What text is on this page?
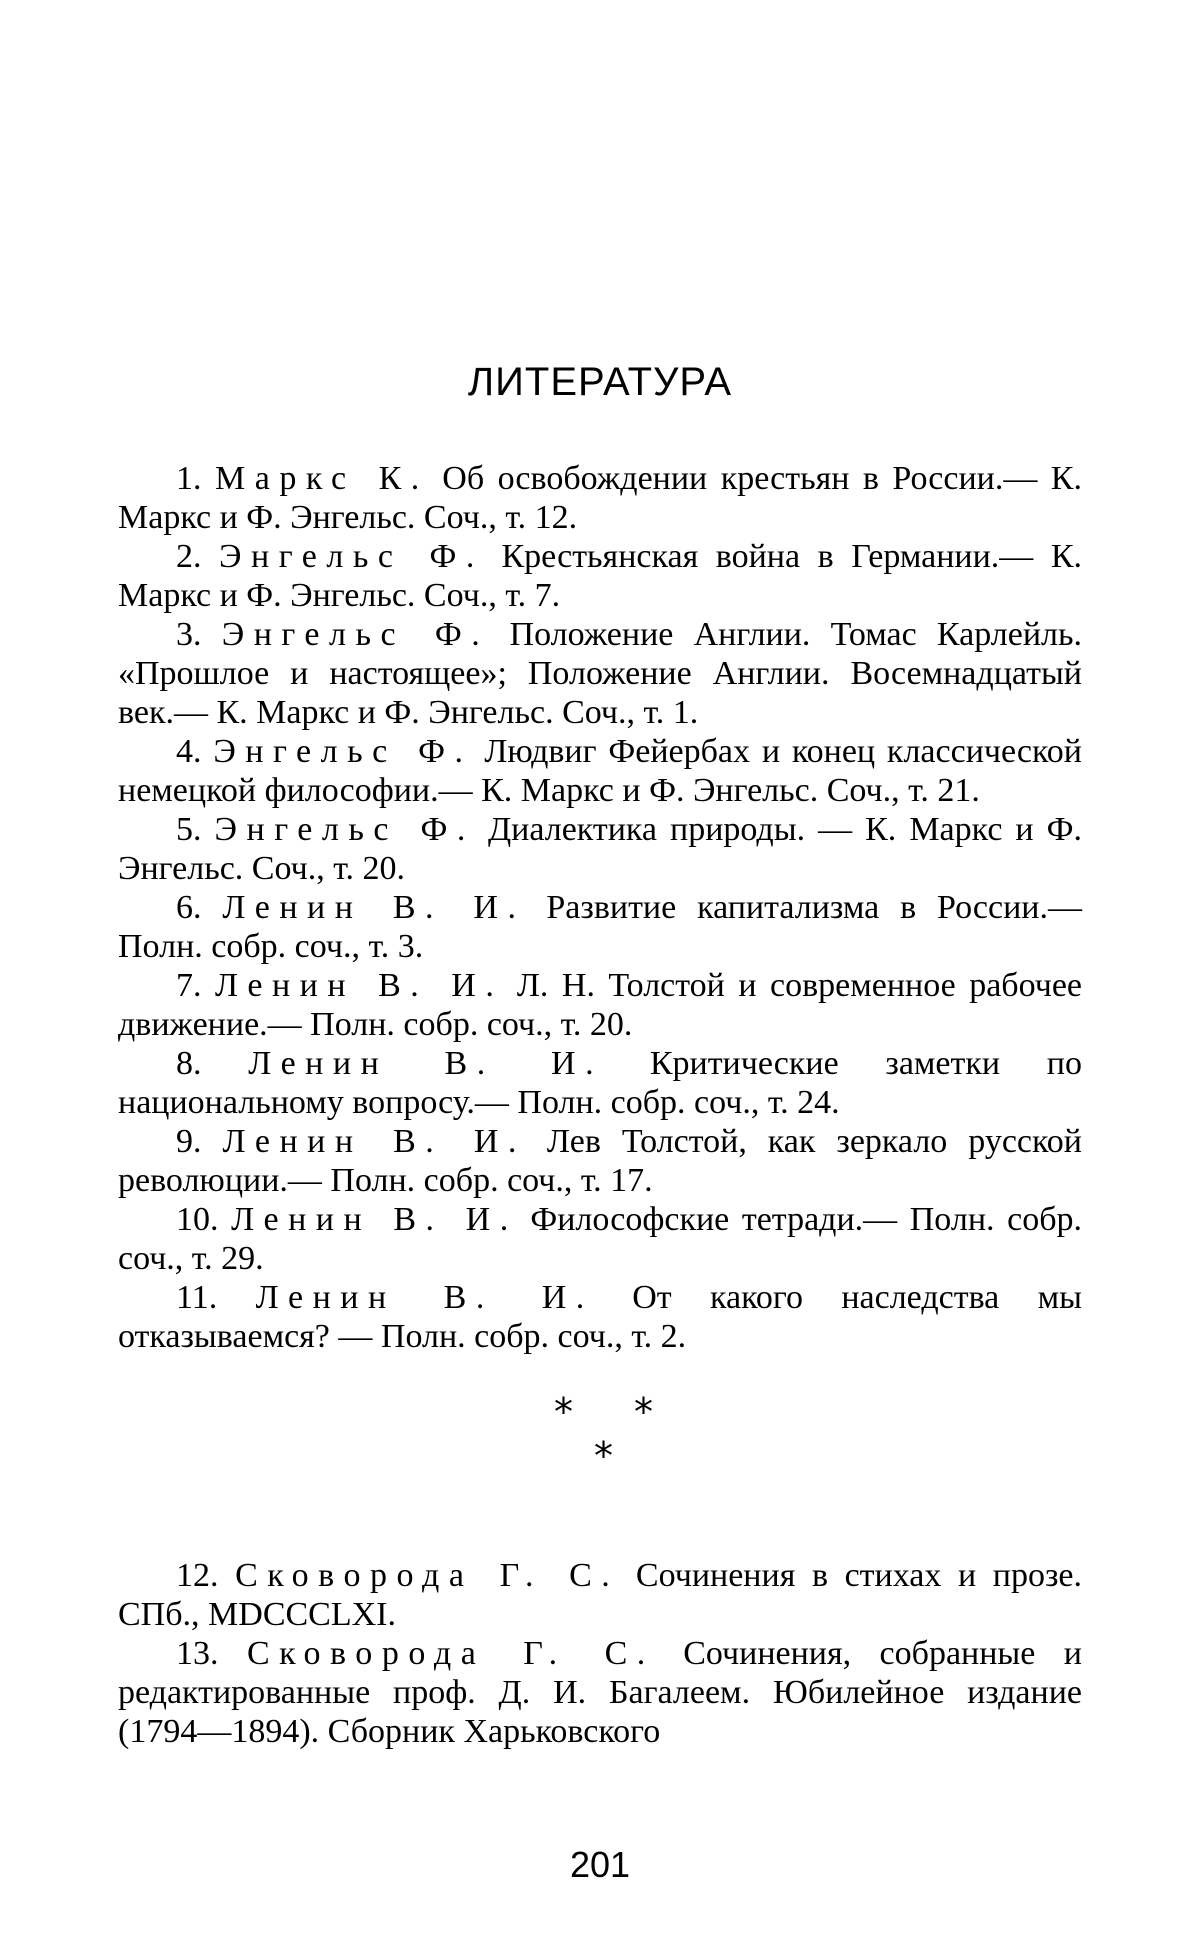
ЛИТЕРАТУРА

1. Маркс К. Об освобождении крестьян в России.— К. Маркс и Ф. Энгельс. Соч., т. 12.

2. Энгельс Ф. Крестьянская война в Германии.— К. Маркс и Ф. Энгельс. Соч., т. 7.

3. Энгельс Ф. Положение Англии. Томас Карлейль. «Прошлое и настоящее»; Положение Англии. Восемнадцатый век.— К. Маркс и Ф. Энгельс. Соч., т. 1.

4. Энгельс Ф. Людвиг Фейербах и конец классической немецкой философии.— К. Маркс и Ф. Энгельс. Соч., т. 21.

5. Энгельс Ф. Диалектика природы. — К. Маркс и Ф. Энгельс. Соч., т. 20.

6. Ленин В. И. Развитие капитализма в России.— Полн. собр. соч., т. 3.

7. Ленин В. И. Л. Н. Толстой и современное рабочее движение.— Полн. собр. соч., т. 20.

8. Ленин В. И. Критические заметки по национальному вопросу.— Полн. собр. соч., т. 24.

9. Ленин В. И. Лев Толстой, как зеркало русской революции.— Полн. собр. соч., т. 17.

10. Ленин В. И. Философские тетради.— Полн. собр. соч., т. 29.

11. Ленин В. И. От какого наследства мы отказываемся? — Полн. собр. соч., т. 2.

* *
*

12. Сковорода Г. С. Сочинения в стихах и прозе. СПб., MDCCCLXI.

13. Сковорода Г. С. Сочинения, собранные и редактированные проф. Д. И. Багалеем. Юбилейное издание (1794—1894). Сборник Харьковского

201
